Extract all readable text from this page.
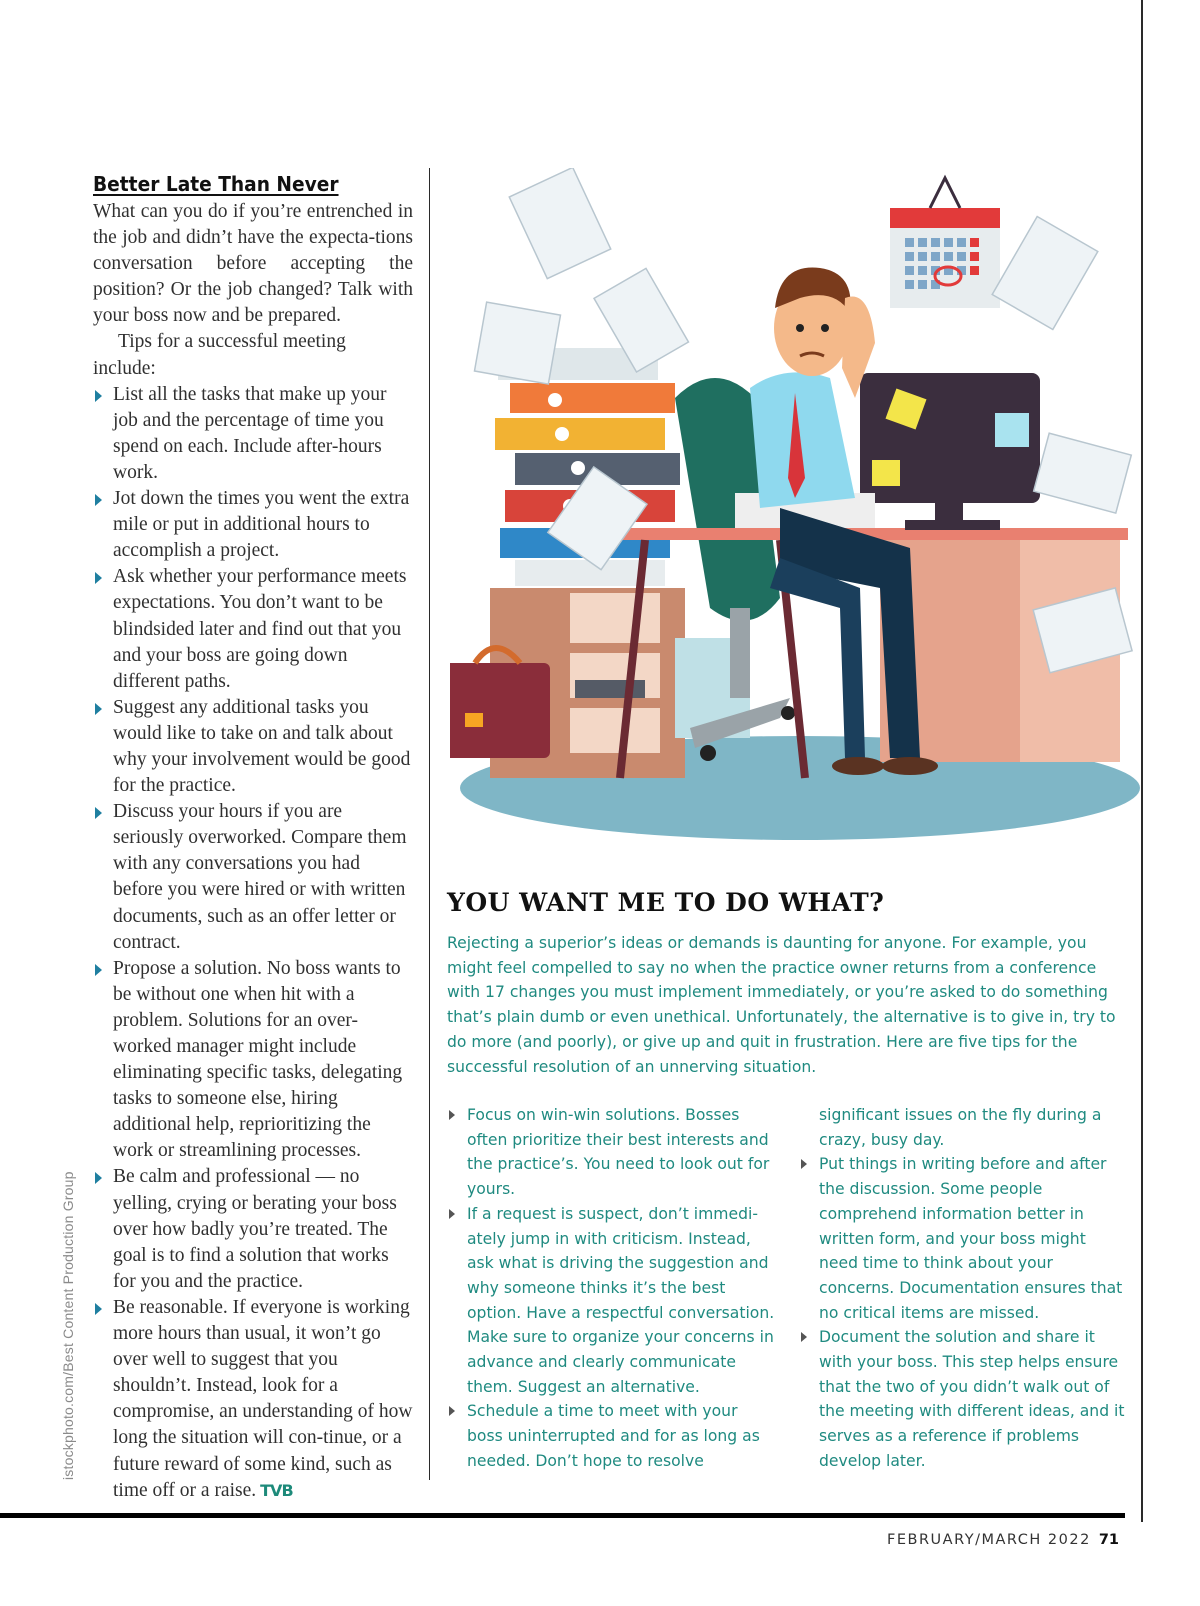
istockphoto.com/Best Content Production Group
Better Late Than Never

What can you do if you’re entrenched in the job and didn’t have the expecta-tions conversation before accepting the position? Or the job changed? Talk with your boss now and be prepared.

Tips for a successful meeting include:

List all the tasks that make up your job and the percentage of time you spend on each. Include after-hours work.
Jot down the times you went the extra mile or put in additional hours to accomplish a project.
Ask whether your performance meets expectations. You don’t want to be blindsided later and find out that you and your boss are going down different paths.
Suggest any additional tasks you would like to take on and talk about why your involvement would be good for the practice.
Discuss your hours if you are seriously overworked. Compare them with any conversations you had before you were hired or with written documents, such as an offer letter or contract.
Propose a solution. No boss wants to be without one when hit with a problem. Solutions for an over-worked manager might include eliminating specific tasks, delegating tasks to someone else, hiring additional help, reprioritizing the work or streamlining processes.
Be calm and professional — no yelling, crying or berating your boss over how badly you’re treated. The goal is to find a solution that works for you and the practice.
Be reasonable. If everyone is working more hours than usual, it won’t go over well to suggest that you shouldn’t. Instead, look for a compromise, an understanding of how long the situation will con-tinue, or a future reward of some kind, such as time off or a raise. TVB
YOU WANT ME TO DO WHAT?

Rejecting a superior’s ideas or demands is daunting for anyone. For example, you might feel compelled to say no when the practice owner returns from a conference with 17 changes you must implement immediately, or you’re asked to do something that’s plain dumb or even unethical. Unfortunately, the alternative is to give in, try to do more (and poorly), or give up and quit in frustration. Here are five tips for the successful resolution of an unnerving situation.

Focus on win-win solutions. Bosses often prioritize their best interests and the practice’s. You need to look out for yours.
If a request is suspect, don’t immedi-ately jump in with criticism. Instead, ask what is driving the suggestion and why someone thinks it’s the best option. Have a respectful conversation. Make sure to organize your concerns in advance and clearly communicate them. Suggest an alternative.
Schedule a time to meet with your boss uninterrupted and for as long as needed. Don’t hope to resolve
significant issues on the fly during a crazy, busy day.
Put things in writing before and after the discussion. Some people comprehend information better in written form, and your boss might need time to think about your concerns. Documentation ensures that no critical items are missed.
Document the solution and share it with your boss. This step helps ensure that the two of you didn’t walk out of the meeting with different ideas, and it serves as a reference if problems develop later.
FEBRUARY/MARCH 2022 71
